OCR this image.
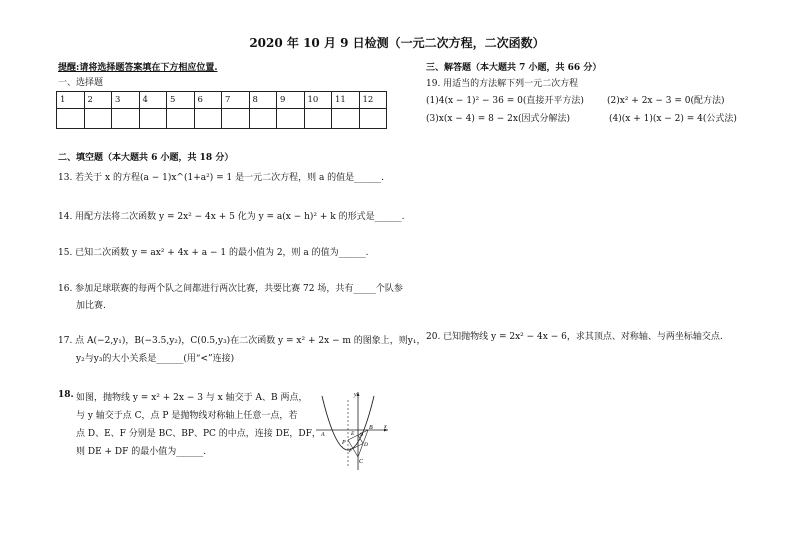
2020 年 10 月 9 日检测（一元二次方程，二次函数）
提醒:请将选择题答案填在下方相应位置.
一、选择题
1	2	3	4	5	6	7	8	9	10	11	12

二、填空题（本大题共 6 小题，共 18 分）
13. 若关于 x 的方程(a − 1)x^(1+a²) = 1 是一元二次方程，则 a 的值是______.
14. 用配方法将二次函数 y = 2x² − 4x + 5 化为 y = a(x − h)² + k 的形式是______.
15. 已知二次函数 y = ax² + 4x + a − 1 的最小值为 2，则 a 的值为______.
16. 参加足球联赛的每两个队之间都进行两次比赛，共要比赛 72 场，共有_____个队参
加比赛.
17. 点 A(−2,y₁)，B(−3.5,y₂)，C(0.5,y₃)在二次函数 y = x² + 2x − m 的图象上，则y₁，
y₂与y₃的大小关系是______(用“<”连接)
18. 如图，抛物线 y = x² + 2x − 3 与 x 轴交于 A、B 两点，
与 y 轴交于点 C，点 P 是抛物线对称轴上任意一点，若
点 D、E、F 分别是 BC、BP、PC 的中点，连接 DE，DF，
则 DE + DF 的最小值为______.
y
x
A
B
C
P
E
D
F
O
三、解答题（本大题共 7 小题，共 66 分）
19. 用适当的方法解下列一元二次方程
(1)4(x − 1)² − 36 = 0(直接开平方法)	(2)x² + 2x − 3 = 0(配方法)
(3)x(x − 4) = 8 − 2x(因式分解法)	(4)(x + 1)(x − 2) = 4(公式法)
20. 已知抛物线 y = 2x² − 4x − 6，求其顶点、对称轴、与两坐标轴交点.
